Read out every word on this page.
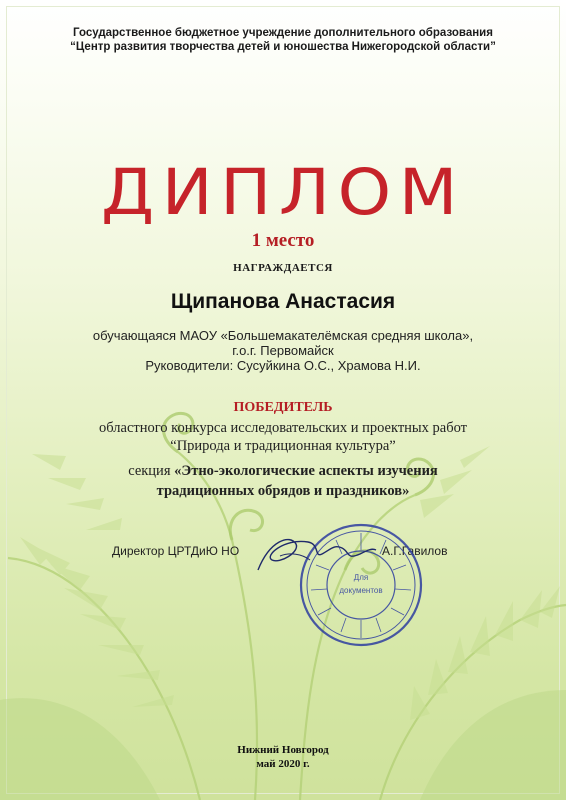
Государственное бюджетное учреждение дополнительного образования
“Центр развития творчества детей и юношества Нижегородской области”
ДИПЛОМ
1 место
НАГРАЖДАЕТСЯ
Щипанова Анастасия
обучающаяся МАОУ «Большемакателёмская средняя школа»,
г.о.г. Первомайск
Руководители: Сусуйкина О.С., Храмова Н.И.
ПОБЕДИТЕЛЬ
областного конкурса исследовательских и проектных работ
“Природа и традиционная культура”
секция «Этно-экологические аспекты изучения
традиционных обрядов и праздников»
Директор ЦРТДиЮ НО	А.Г.Гавилов
Для
документов
Нижний Новгород
май 2020 г.
